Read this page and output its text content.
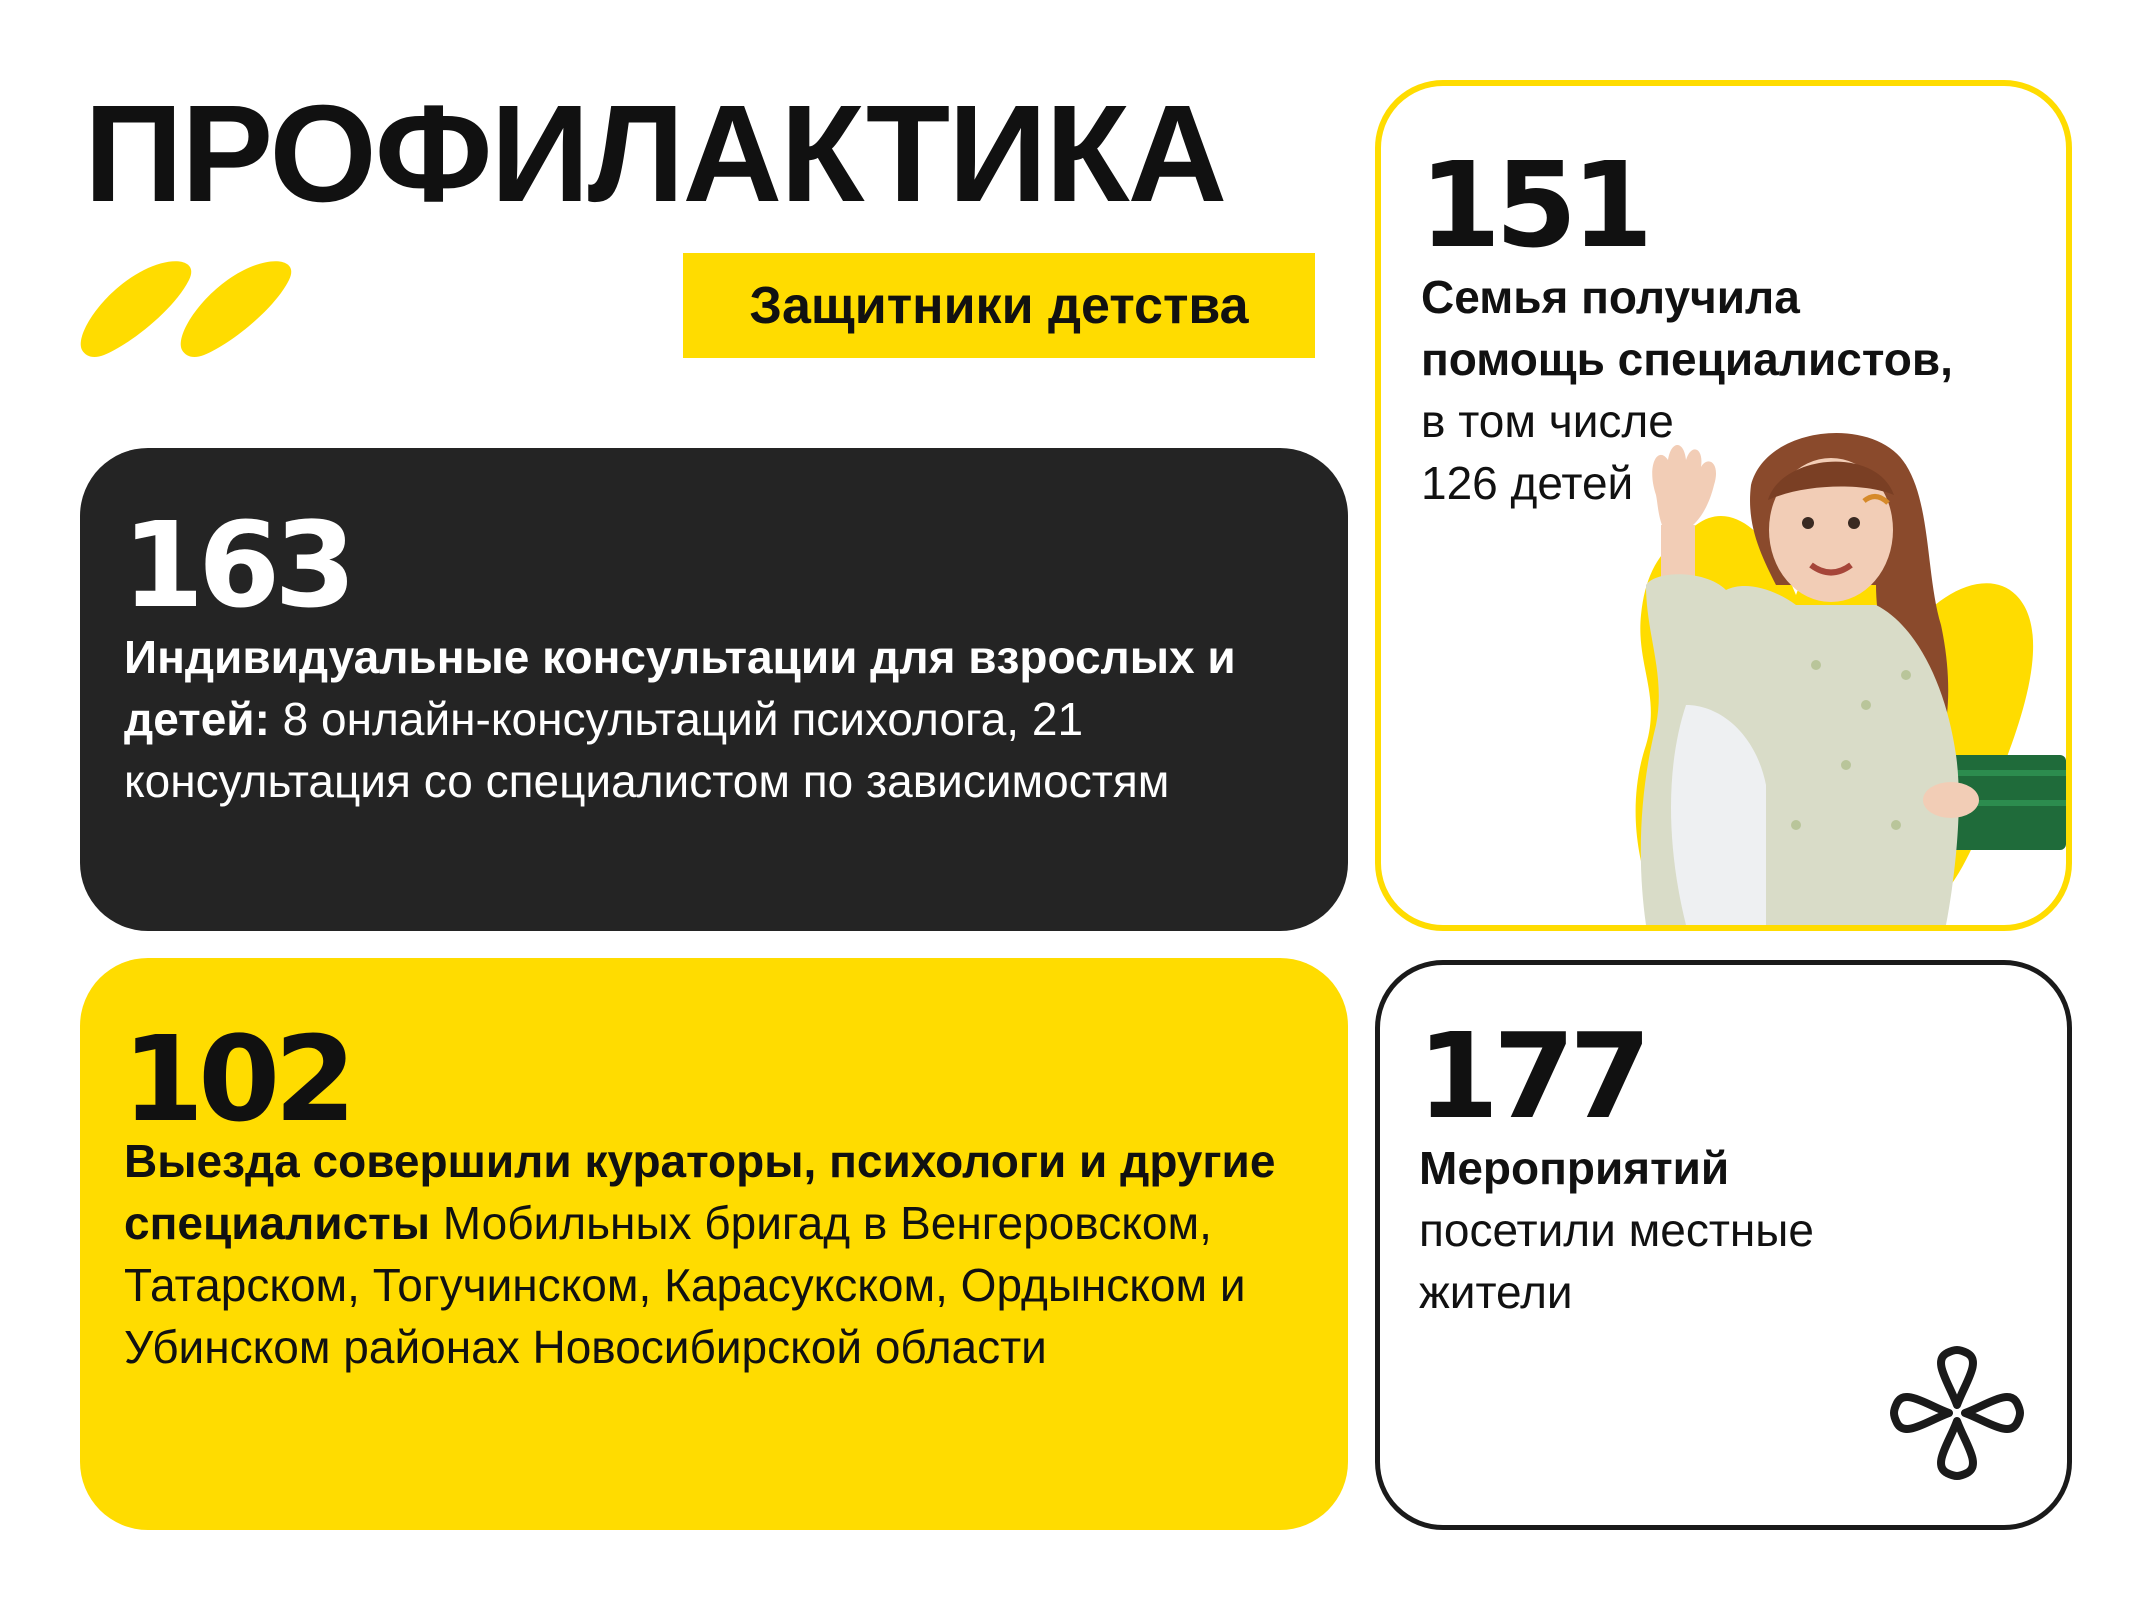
ПРОФИЛАКТИКА
Защитники детства
163
Индивидуальные консультации для взрослых и детей: 8 онлайн-консультаций психолога, 21 консультация со специалистом по зависимостям
102
Выезда совершили кураторы, психологи и другие специалисты Мобильных бригад в Венгеровском, Татарском, Тогучинском, Карасукском, Ордынском и Убинском районах Новосибирской области
151
Семья получила
помощь специалистов,
в том числе
126 детей
177
Мероприятий
посетили местные
жители
